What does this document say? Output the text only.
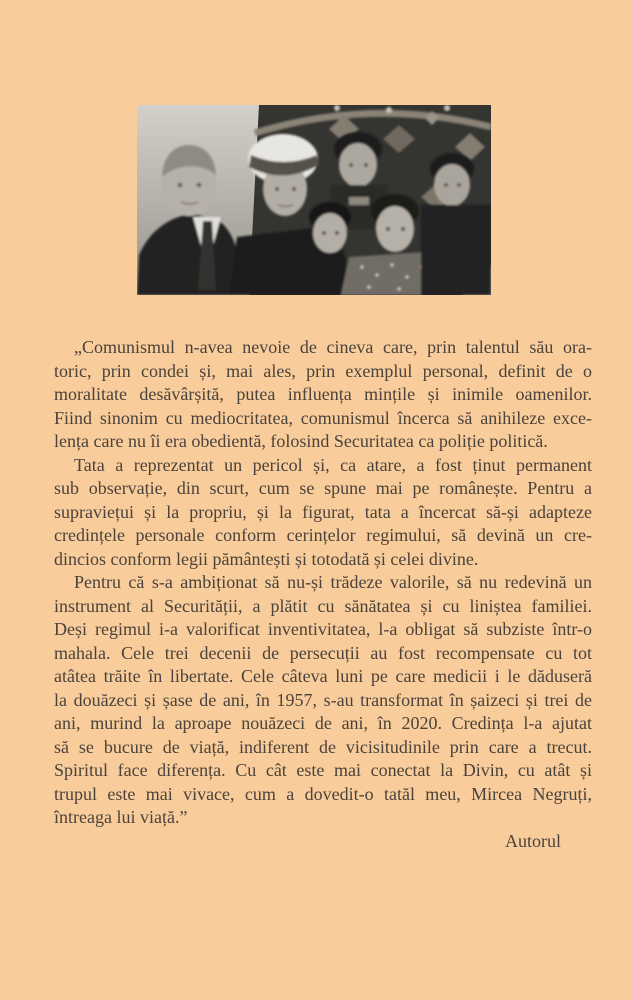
„Comunismul n-avea nevoie de cineva care, prin talentul său ora-
toric, prin condei și, mai ales, prin exemplul personal, definit de o
moralitate desăvârșită, putea influența mințile și inimile oamenilor.
Fiind sinonim cu mediocritatea, comunismul încerca să anihileze exce-
lența care nu îi era obedientă, folosind Securitatea ca poliție politică.

Tata a reprezentat un pericol și, ca atare, a fost ținut permanent
sub observație, din scurt, cum se spune mai pe românește. Pentru a
supraviețui și la propriu, și la figurat, tata a încercat să-și adapteze
credințele personale conform cerințelor regimului, să devină un cre-
dincios conform legii pământești și totodată și celei divine.

Pentru că s-a ambiționat să nu-și trădeze valorile, să nu redevină un
instrument al Securității, a plătit cu sănătatea și cu liniștea familiei.
Deși regimul i-a valorificat inventivitatea, l-a obligat să subziste într-o
mahala. Cele trei decenii de persecuții au fost recompensate cu tot
atâtea trăite în libertate. Cele câteva luni pe care medicii i le dăduseră
la douăzeci și șase de ani, în 1957, s-au transformat în șaizeci și trei de
ani, murind la aproape nouăzeci de ani, în 2020. Credința l-a ajutat
să se bucure de viață, indiferent de vicisitudinile prin care a trecut.
Spiritul face diferența. Cu cât este mai conectat la Divin, cu atât și
trupul este mai vivace, cum a dovedit-o tatăl meu, Mircea Negruți,
întreaga lui viață.”

Autorul
